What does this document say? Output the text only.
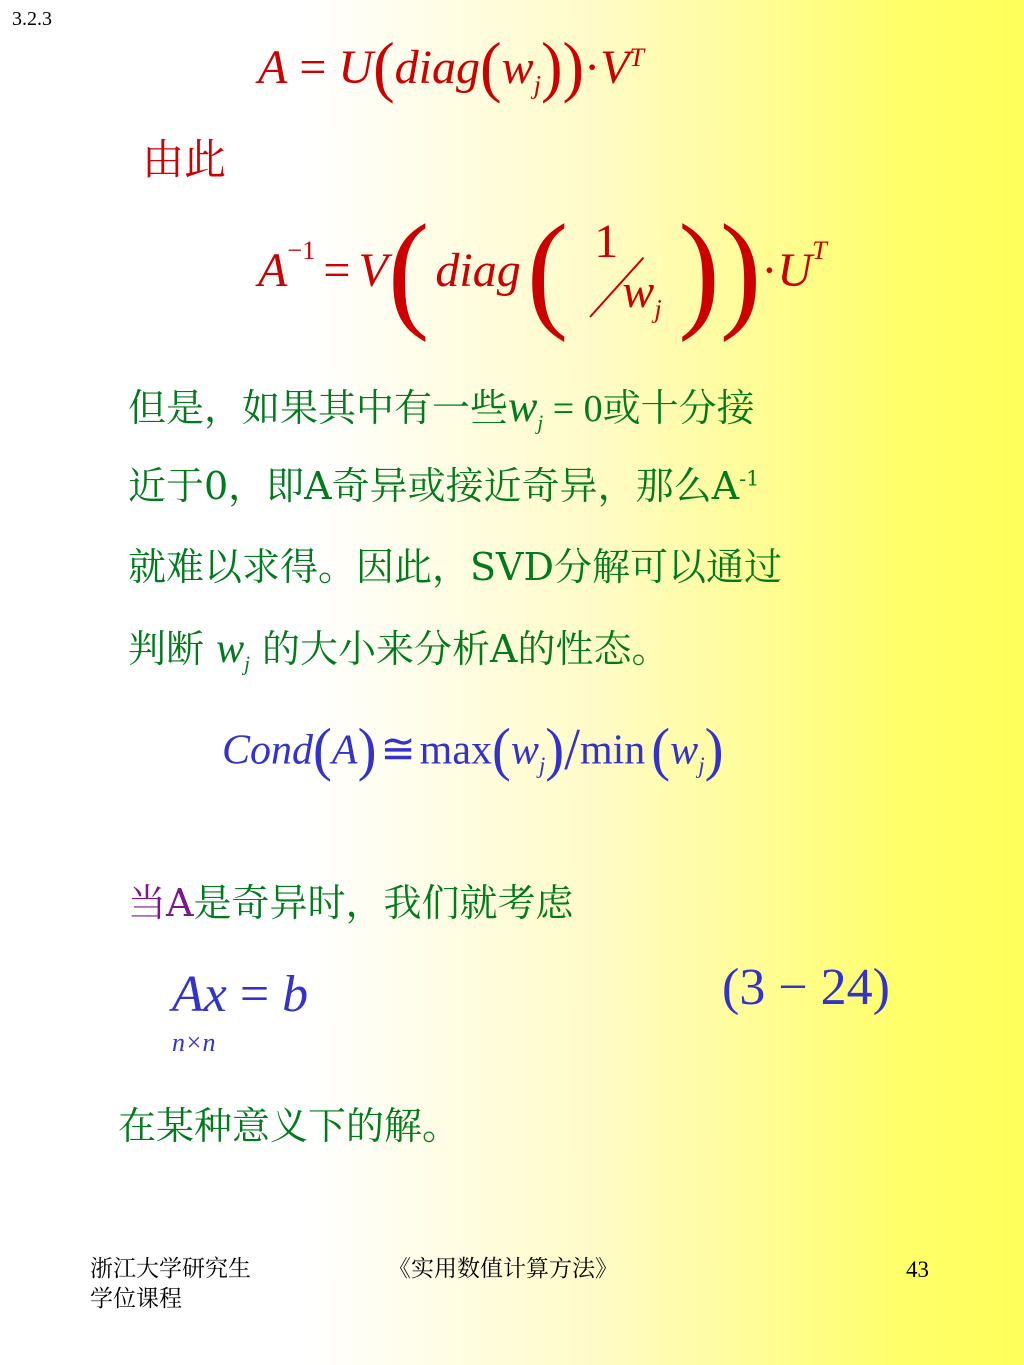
3.2.3
$A = U(diag(w_j))\cdot V^T$
由此
$A^{-1} = V$ ( diag ( 1
$w_j$ )) · $U^T$
但是，如果其中有一些$w_j = 0$或十分接
近于0，即A奇异或接近奇异，那么$A^{-1}$
就难以求得。因此，SVD分解可以通过
判断 $w_j$ 的大小来分析A的性态。
$Cond(A)≅\max(w_j)/\min$ $(w_j)$
当A是奇异时，我们就考虑
Ax = b
n×n
(3 − 24)
在某种意义下的解。
浙江大学研究生
学位课程
《实用数值计算方法》	43
